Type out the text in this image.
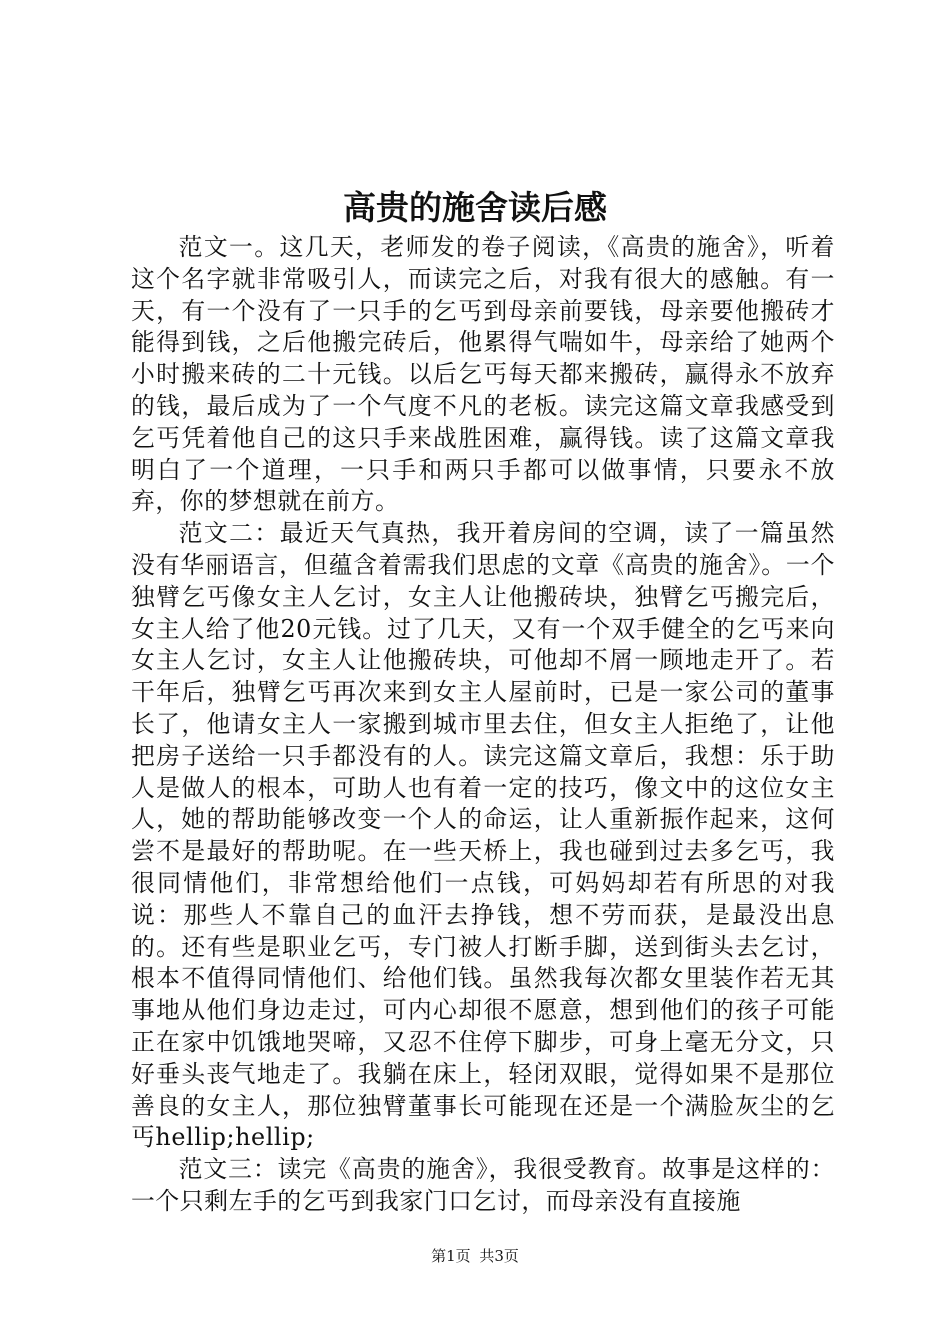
高贵的施舍读后感

范文一。这几天，老师发的卷子阅读，《高贵的施舍》，听着这个名字就非常吸引人，而读完之后，对我有很大的感触。有一天，有一个没有了一只手的乞丐到母亲前要钱，母亲要他搬砖才能得到钱，之后他搬完砖后，他累得气喘如牛，母亲给了她两个小时搬来砖的二十元钱。以后乞丐每天都来搬砖，赢得永不放弃的钱，最后成为了一个气度不凡的老板。读完这篇文章我感受到乞丐凭着他自己的这只手来战胜困难，赢得钱。读了这篇文章我明白了一个道理，一只手和两只手都可以做事情，只要永不放弃，你的梦想就在前方。

范文二：最近天气真热，我开着房间的空调，读了一篇虽然没有华丽语言，但蕴含着需我们思虑的文章《高贵的施舍》。一个独臂乞丐像女主人乞讨，女主人让他搬砖块，独臂乞丐搬完后，女主人给了他20元钱。过了几天，又有一个双手健全的乞丐来向女主人乞讨，女主人让他搬砖块，可他却不屑一顾地走开了。若干年后，独臂乞丐再次来到女主人屋前时，已是一家公司的董事长了，他请女主人一家搬到城市里去住，但女主人拒绝了，让他把房子送给一只手都没有的人。读完这篇文章后，我想：乐于助人是做人的根本，可助人也有着一定的技巧，像文中的这位女主人，她的帮助能够改变一个人的命运，让人重新振作起来，这何尝不是最好的帮助呢。在一些天桥上，我也碰到过去多乞丐，我很同情他们，非常想给他们一点钱，可妈妈却若有所思的对我说：那些人不靠自己的血汗去挣钱，想不劳而获，是最没出息的。还有些是职业乞丐，专门被人打断手脚，送到街头去乞讨，根本不值得同情他们、给他们钱。虽然我每次都女里装作若无其事地从他们身边走过，可内心却很不愿意，想到他们的孩子可能正在家中饥饿地哭啼，又忍不住停下脚步，可身上毫无分文，只好垂头丧气地走了。我躺在床上，轻闭双眼，觉得如果不是那位善良的女主人，那位独臂董事长可能现在还是一个满脸灰尘的乞丐hellip;hellip;

范文三：读完《高贵的施舍》，我很受教育。故事是这样的：一个只剩左手的乞丐到我家门口乞讨，而母亲没有直接施

第1页 共3页
